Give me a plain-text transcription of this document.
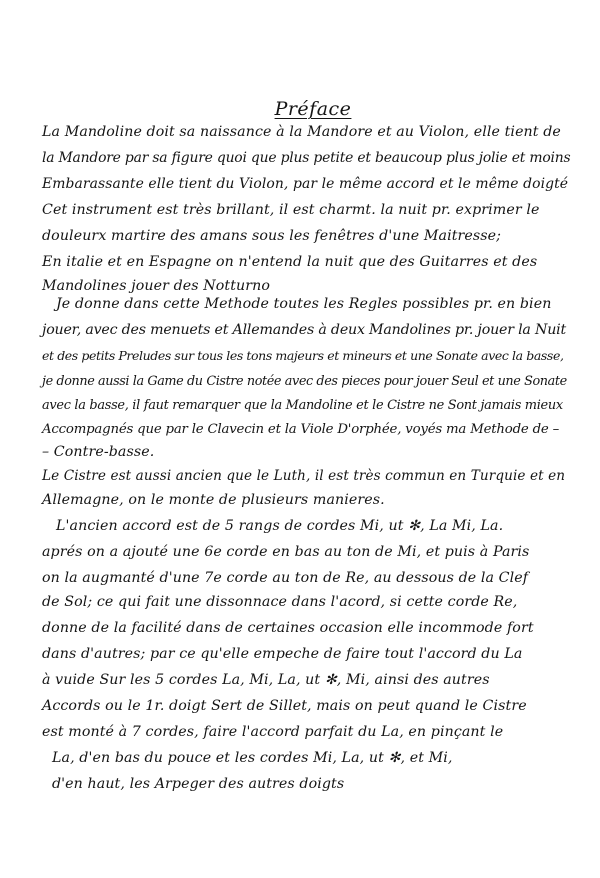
Préface
La Mandoline doit sa naissance à la Mandore et au Violon, elle tient de
la Mandore par sa figure quoi que plus petite et beaucoup plus jolie et moins
Embarassante elle tient du Violon, par le même accord et le même doigté
Cet instrument est très brillant, il est charmt. la nuit pr. exprimer le
douleurx martire des amans sous les fenêtres d'une Maitresse;
En italie et en Espagne on n'entend la nuit que des Guitarres et des
Mandolines jouer des Notturno
Je donne dans cette Methode toutes les Regles possibles pr. en bien
jouer, avec des menuets et Allemandes à deux Mandolines pr. jouer la Nuit
et des petits Preludes sur tous les tons majeurs et mineurs et une Sonate avec la basse,
je donne aussi la Game du Cistre notée avec des pieces pour jouer Seul et une Sonate
avec la basse, il faut remarquer que la Mandoline et le Cistre ne Sont jamais mieux
Accompagnés que par le Clavecin et la Viole D'orphée, voyés ma Methode de –
– Contre-basse.
Le Cistre est aussi ancien que le Luth, il est très commun en Turquie et en
Allemagne, on le monte de plusieurs manieres.
L'ancien accord est de 5 rangs de cordes Mi, ut ✻, La Mi, La.
aprés on a ajouté une 6e corde en bas au ton de Mi, et puis à Paris
on la augmanté d'une 7e corde au ton de Re, au dessous de la Clef
de Sol; ce qui fait une dissonnace dans l'acord, si cette corde Re,
donne de la facilité dans de certaines occasion elle incommode fort
dans d'autres; par ce qu'elle empeche de faire tout l'accord du La
à vuide Sur les 5 cordes La, Mi, La, ut ✻, Mi, ainsi des autres
Accords ou le 1r. doigt Sert de Sillet, mais on peut quand le Cistre
est monté à 7 cordes, faire l'accord parfait du La, en pinçant le
La, d'en bas du pouce et les cordes Mi, La, ut ✻, et Mi,
d'en haut, les Arpeger des autres doigts
